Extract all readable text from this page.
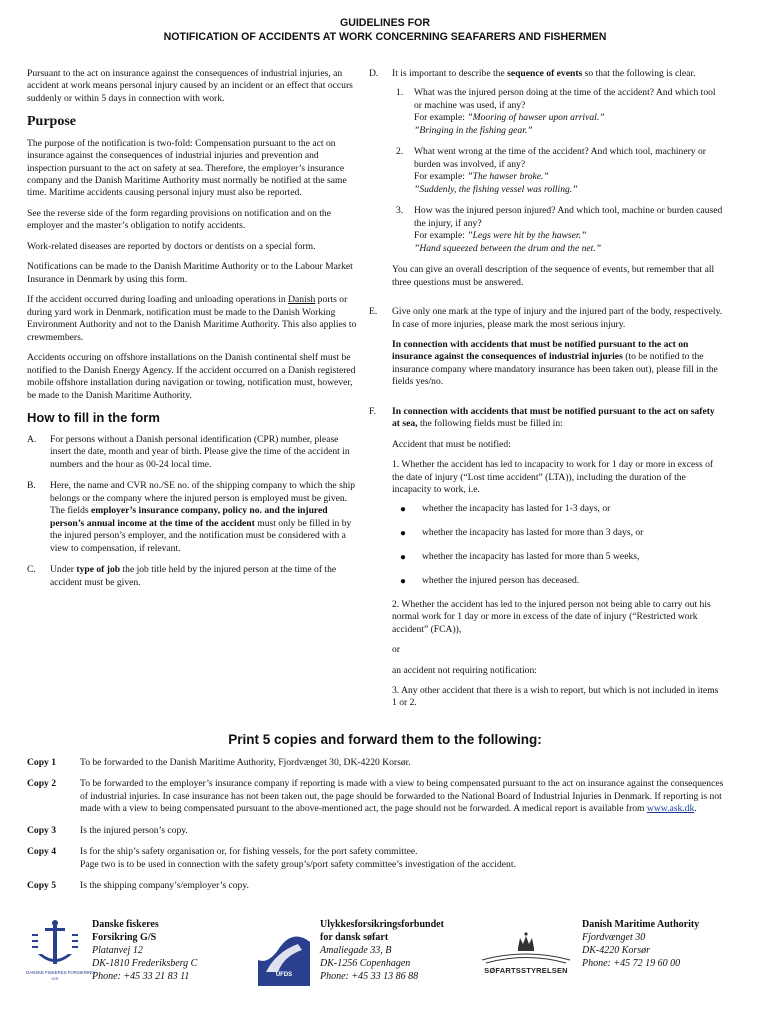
GUIDELINES FOR
NOTIFICATION OF ACCIDENTS AT WORK CONCERNING SEAFARERS AND FISHERMEN

Pursuant to the act on insurance against the consequences of industrial injuries, an accident at work means personal injury caused by an incident or an effect that occurs suddenly or within 5 days in connection with work.

Purpose

The purpose of the notification is two-fold: Compensation pursuant to the act on insurance against the consequences of industrial injuries and prevention and inspection pursuant to the act on safety at sea. Therefore, the employer’s insurance company and the Danish Maritime Authority must normally be notified at the same time. Maritime accidents causing personal injury must also be reported.

See the reverse side of the form regarding provisions on notification and on the employer and the master’s obligation to notify accidents.

Work-related diseases are reported by doctors or dentists on a special form.

Notifications can be made to the Danish Maritime Authority or to the Labour Market Insurance in Denmark by using this form.

If the accident occurred during loading and unloading operations in Danish ports or during yard work in Denmark, notification must be made to the Danish Working Environment Authority and not to the Danish Maritime Authority. This also applies to crewmembers.

Accidents occuring on offshore installations on the Danish continental shelf must be notified to the Danish Energy Agency. If the accident occurred on a Danish registered mobile offshore installation during navigation or towing, notification must, however, be made to the Danish Maritime Authority.

How to fill in the form
A.	For persons without a Danish personal identification (CPR) number, please insert the date, month and year of birth. Please give the time of the accident in numbers and the hour as 00-24 local time.
B.	Here, the name and CVR no./SE no. of the shipping company to which the ship belongs or the company where the injured person is employed must be given. The fields employer’s insurance company, policy no. and the injured person’s annual income at the time of the accident must only be filled in by the injured person’s employer, and the notification must be considered with a view to compensation, if relevant.
C.	Under type of job the job title held by the injured person at the time of the accident must be given.
D.	It is important to describe the sequence of events so that the following is clear.
1.	What was the injured person doing at the time of the accident? And which tool or machine was used, if any?
For example: ”Mooring of hawser upon arrival.”
”Bringing in the fishing gear.”
2.	What went wrong at the time of the accident? And which tool, machinery or burden was involved, if any?
For example: ”The hawser broke.”
”Suddenly, the fishing vessel was rolling.”
3.	How was the injured person injured? And which tool, machine or burden caused the injury, if any?
For example: ”Legs were hit by the hawser.”
”Hand squeezed between the drum and the net.”

You can give an overall description of the sequence of events, but remember that all three questions must be answered.

E.	Give only one mark at the type of injury and the injured part of the body, respectively. In case of more injuries, please mark the most serious injury.

In connection with accidents that must be notified pursuant to the act on insurance against the consequences of industrial injuries (to be notified to the insurance company where mandatory insurance has been taken out), please fill in the fields yes/no.

F.	In connection with accidents that must be notified pursuant to the act on safety at sea, the following fields must be filled in:

Accident that must be notified:

1. Whether the accident has led to incapacity to work for 1 day or more in excess of the date of injury (“Lost time accident” (LTA)), including the duration of the incapacity to work, i.e.
●	whether the incapacity has lasted for 1-3 days, or
●	whether the incapacity has lasted for more than 3 days, or
●	whether the incapacity has lasted for more than 5 weeks,
●	whether the injured person has deceased.

2. Whether the accident has led to the injured person not being able to carry out his normal work for 1 day or more in excess of the date of injury (“Restricted work accident” (FCA)),

or

an accident not requiring notification:

3. Any other accident that there is a wish to report, but which is not included in items 1 or 2.

Print 5 copies and forward them to the following:
Copy 1	To be forwarded to the Danish Maritime Authority, Fjordvænget 30, DK-4220 Korsør.
Copy 2	To be forwarded to the employer’s insurance company if reporting is made with a view to being compensated pursuant to the act on insurance against the consequences of industrial injuries. In case insurance has not been taken out, the page should be forwarded to the National Board of Industrial Injuries in Denmark. If reporting is not made with a view to being compensated pursuant to the above-mentioned act, the page should not be forwarded. A medical report is available from www.ask.dk.
Copy 3	Is the injured person’s copy.
Copy 4	Is for the ship’s safety organisation or, for fishing vessels, for the port safety committee.
Page two is to be used in connection with the safety group’s/port safety committee’s investigation of the accident.
Copy 5	Is the shipping company’s/employer’s copy.
DANSKE FISKERES FORSIKRING
G/S
Danske fiskeres
Forsikring G/S
Platanvej 12
DK-1810 Frederiksberg C
Phone: +45 33 21 83 11	UFDS
Ulykkesforsikringsforbundet
for dansk søfart
Amaliegade 33, B
DK-1256 Copenhagen
Phone: +45 33 13 86 88
SØFARTSSTYRELSEN
Danish Maritime Authority
Fjordvænget 30
DK-4220 Korsør
Phone: +45 72 19 60 00
